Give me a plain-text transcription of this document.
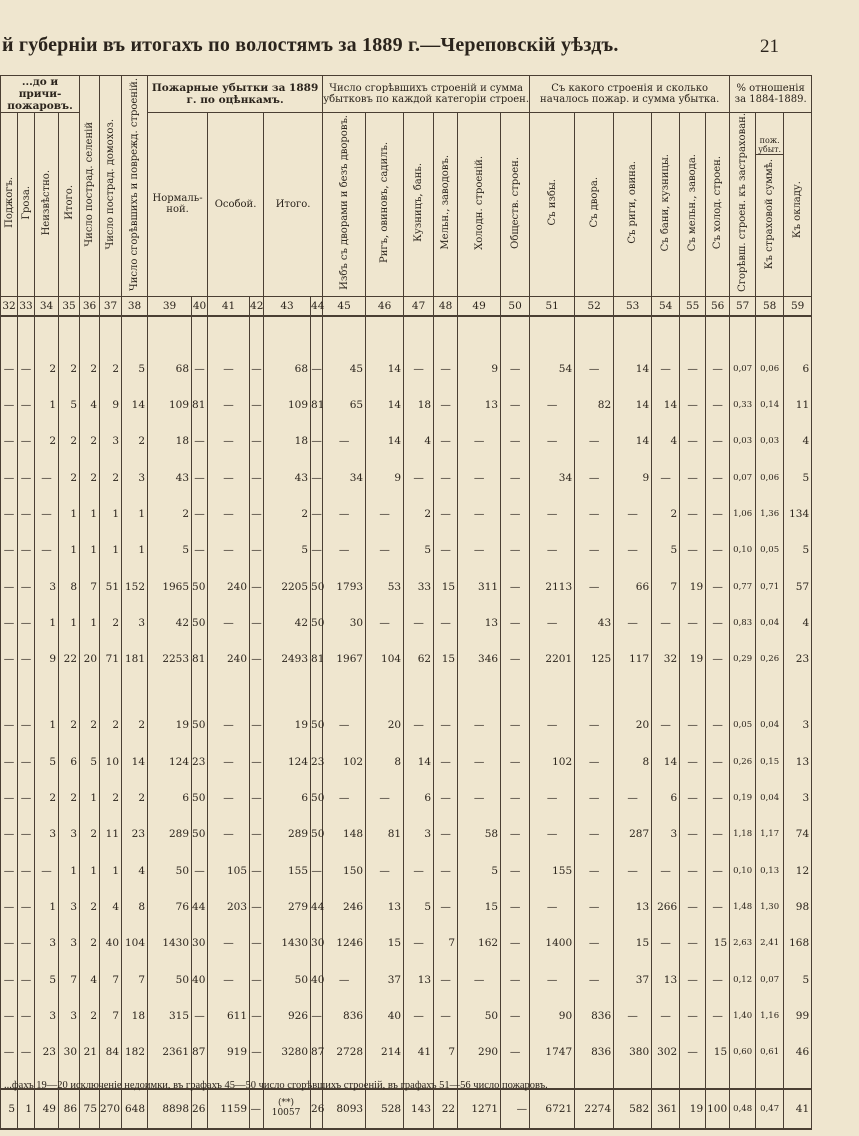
й губерніи въ итогахъ по волостямъ за 1889 г.—Череповскій уѣздъ.	21
...до и причи-пожаровъ.				Число пострад. селеній	Число пострад. домохоз.	Число сгорѣвшихъ и поврежд. строеній.	Пожарные убытки за 1889 г. по оцѣнкамъ.						Число сгорѣвшихъ строеній и сумма убытковъ по каждой категоріи строен.						Съ какого строенія и сколько началось пожар. и сумма убытка.						% отношенія за 1884-1889.		
Поджогъ.	Гроза.	Неизвѣстно.	Итого.				Нормаль-ной.		Особой.		Итого.		Избъ съ дворами и безъ дворовъ.	Ригъ, овиновъ, садилъ.	Кузницъ, бань.	Мельн., заводовъ.	Холодн. строеній.	Обществ. строен.	Съ избы.	Съ двора.	Съ риги, овина.	Съ бани, кузницы.	Съ мельн., завода.	Съ холод. строен.	Сгорѣвш. строен. къ застрахован.	пож. убыт.
Къ страховой суммѣ.	Къ окладу.
32	33	34	35	36	37	38	39	40	41	42	43	44	45	46	47	48	49	50	51	52	53	54	55	56	57	58	59

—	—	2	2	2	2	5	68	—	—	—	68	—	45	14	—	—	9	—	54	—	14	—	—	—	0,07	0,06	6
—	—	1	5	4	9	14	109	81	—	—	109	81	65	14	18	—	13	—	—	82	14	14	—	—	0,33	0,14	11
—	—	2	2	2	3	2	18	—	—	—	18	—	—	14	4	—	—	—	—	—	14	4	—	—	0,03	0,03	4
—	—	—	2	2	2	3	43	—	—	—	43	—	34	9	—	—	—	—	34	—	9	—	—	—	0,07	0,06	5
—	—	—	1	1	1	1	2	—	—	—	2	—	—	—	2	—	—	—	—	—	—	2	—	—	1,06	1,36	134
—	—	—	1	1	1	1	5	—	—	—	5	—	—	—	5	—	—	—	—	—	—	5	—	—	0,10	0,05	5
—	—	3	8	7	51	152	1965	50	240	—	2205	50	1793	53	33	15	311	—	2113	—	66	7	19	—	0,77	0,71	57
—	—	1	1	1	2	3	42	50	—	—	42	50	30	—	—	—	13	—	—	43	—	—	—	—	0,83	0,04	4
—	—	9	22	20	71	181	2253	81	240	—	2493	81	1967	104	62	15	346	—	2201	125	117	32	19	—	0,29	0,26	23

—	—	1	2	2	2	2	19	50	—	—	19	50	—	20	—	—	—	—	—	—	20	—	—	—	0,05	0,04	3
—	—	5	6	5	10	14	124	23	—	—	124	23	102	8	14	—	—	—	102	—	8	14	—	—	0,26	0,15	13
—	—	2	2	1	2	2	6	50	—	—	6	50	—	—	6	—	—	—	—	—	—	6	—	—	0,19	0,04	3
—	—	3	3	2	11	23	289	50	—	—	289	50	148	81	3	—	58	—	—	—	287	3	—	—	1,18	1,17	74
—	—	—	1	1	1	4	50	—	105	—	155	—	150	—	—	—	5	—	155	—	—	—	—	—	0,10	0,13	12
—	—	1	3	2	4	8	76	44	203	—	279	44	246	13	5	—	15	—	—	—	13	266	—	—	1,48	1,30	98
—	—	3	3	2	40	104	1430	30	—	—	1430	30	1246	15	—	7	162	—	1400	—	15	—	—	15	2,63	2,41	168
—	—	5	7	4	7	7	50	40	—	—	50	40	—	37	13	—	—	—	—	—	37	13	—	—	0,12	0,07	5
—	—	3	3	2	7	18	315	—	611	—	926	—	836	40	—	—	50	—	90	836	—	—	—	—	1,40	1,16	99
—	—	23	30	21	84	182	2361	87	919	—	3280	87	2728	214	41	7	290	—	1747	836	380	302	—	15	0,60	0,61	46

5	1	49	86	75	270	648	8898	26	1159	—	(**) 10057	26	8093	528	143	22	1271	—	6721	2274	582	361	19	100	0,48	0,47	41
...фахъ 19—20 исключеніе недоимки, въ графахъ 45—50 число сгорѣвшихъ строеній, въ графахъ 51—56 число пожаровъ.
